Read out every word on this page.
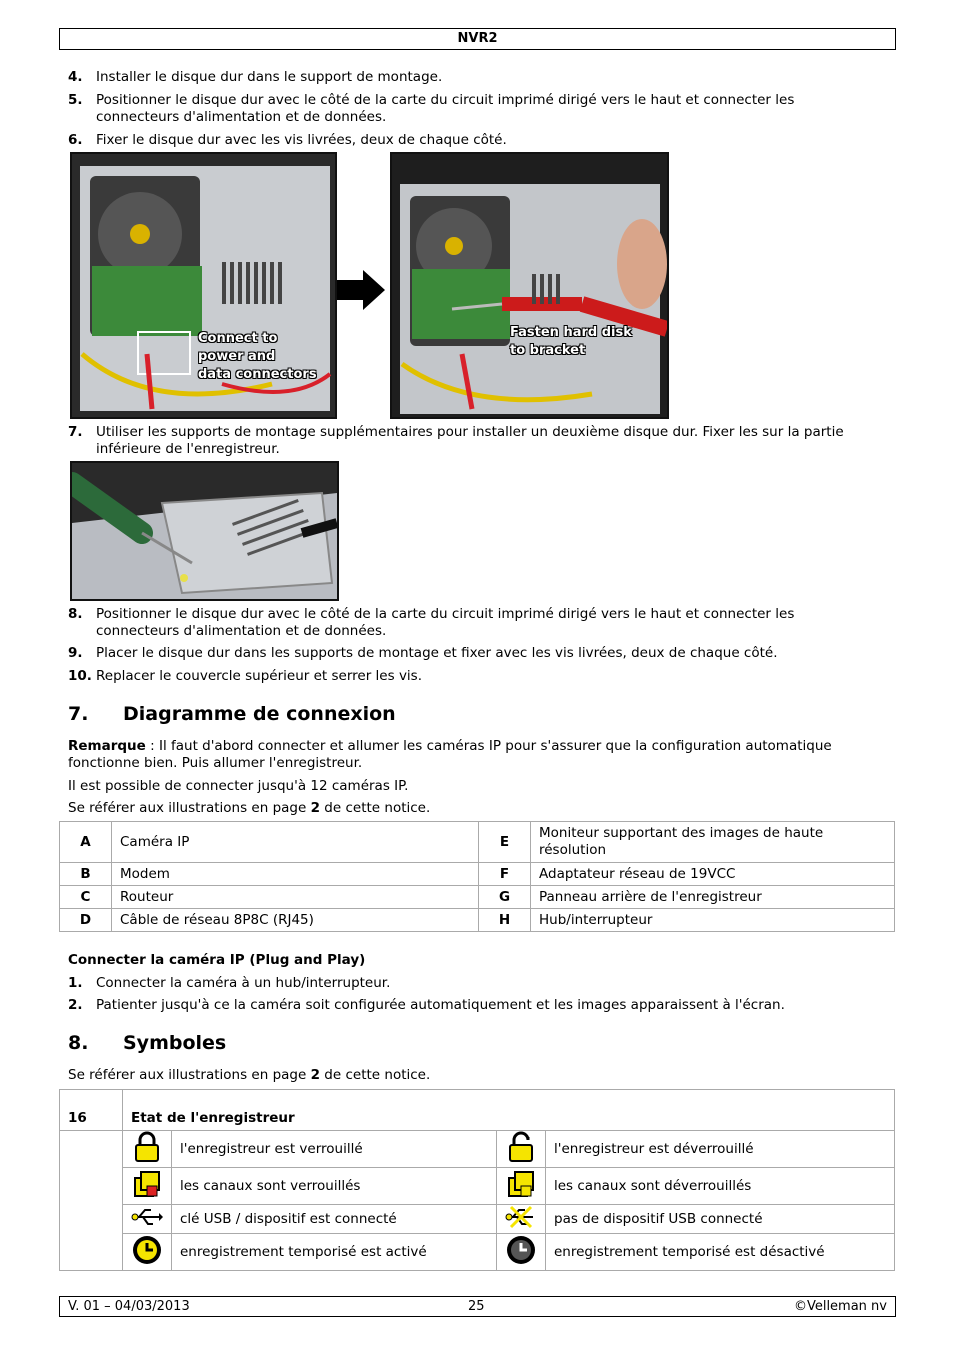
NVR2
4. Installer le disque dur dans le support de montage.
5. Positionner le disque dur avec le côté de la carte du circuit imprimé dirigé vers le haut et connecter les connecteurs d'alimentation et de données.
6. Fixer le disque dur avec les vis livrées, deux de chaque côté.
Connect to
power and
data connectors
Fasten hard disk
to bracket
7. Utiliser les supports de montage supplémentaires pour installer un deuxième disque dur. Fixer les sur la partie inférieure de l'enregistreur.
8. Positionner le disque dur avec le côté de la carte du circuit imprimé dirigé vers le haut et connecter les connecteurs d'alimentation et de données.
9. Placer le disque dur dans les supports de montage et fixer avec les vis livrées, deux de chaque côté.
10. Replacer le couvercle supérieur et serrer les vis.
7. Diagramme de connexion
Remarque : Il faut d'abord connecter et allumer les caméras IP pour s'assurer que la configuration automatique fonctionne bien. Puis allumer l'enregistreur.
Il est possible de connecter jusqu'à 12 caméras IP.
Se référer aux illustrations en page 2 de cette notice.
A	Caméra IP	E	Moniteur supportant des images de haute résolution
B	Modem	F	Adaptateur réseau de 19VCC
C	Routeur	G	Panneau arrière de l'enregistreur
D	Câble de réseau 8P8C (RJ45)	H	Hub/interrupteur
Connecter la caméra IP (Plug and Play)
1. Connecter la caméra à un hub/interrupteur.
2. Patienter jusqu'à ce la caméra soit configurée automatiquement et les images apparaissent à l'écran.
8. Symboles
Se référer aux illustrations en page 2 de cette notice.
16	Etat de l'enregistreur			
		l'enregistreur est verrouillé		l'enregistreur est déverrouillé
	les canaux sont verrouillés		les canaux sont déverrouillés
	clé USB / dispositif est connecté		pas de dispositif USB connecté
	enregistrement temporisé est activé		enregistrement temporisé est désactivé
V. 01 – 04/03/2013	25	©Velleman nv
